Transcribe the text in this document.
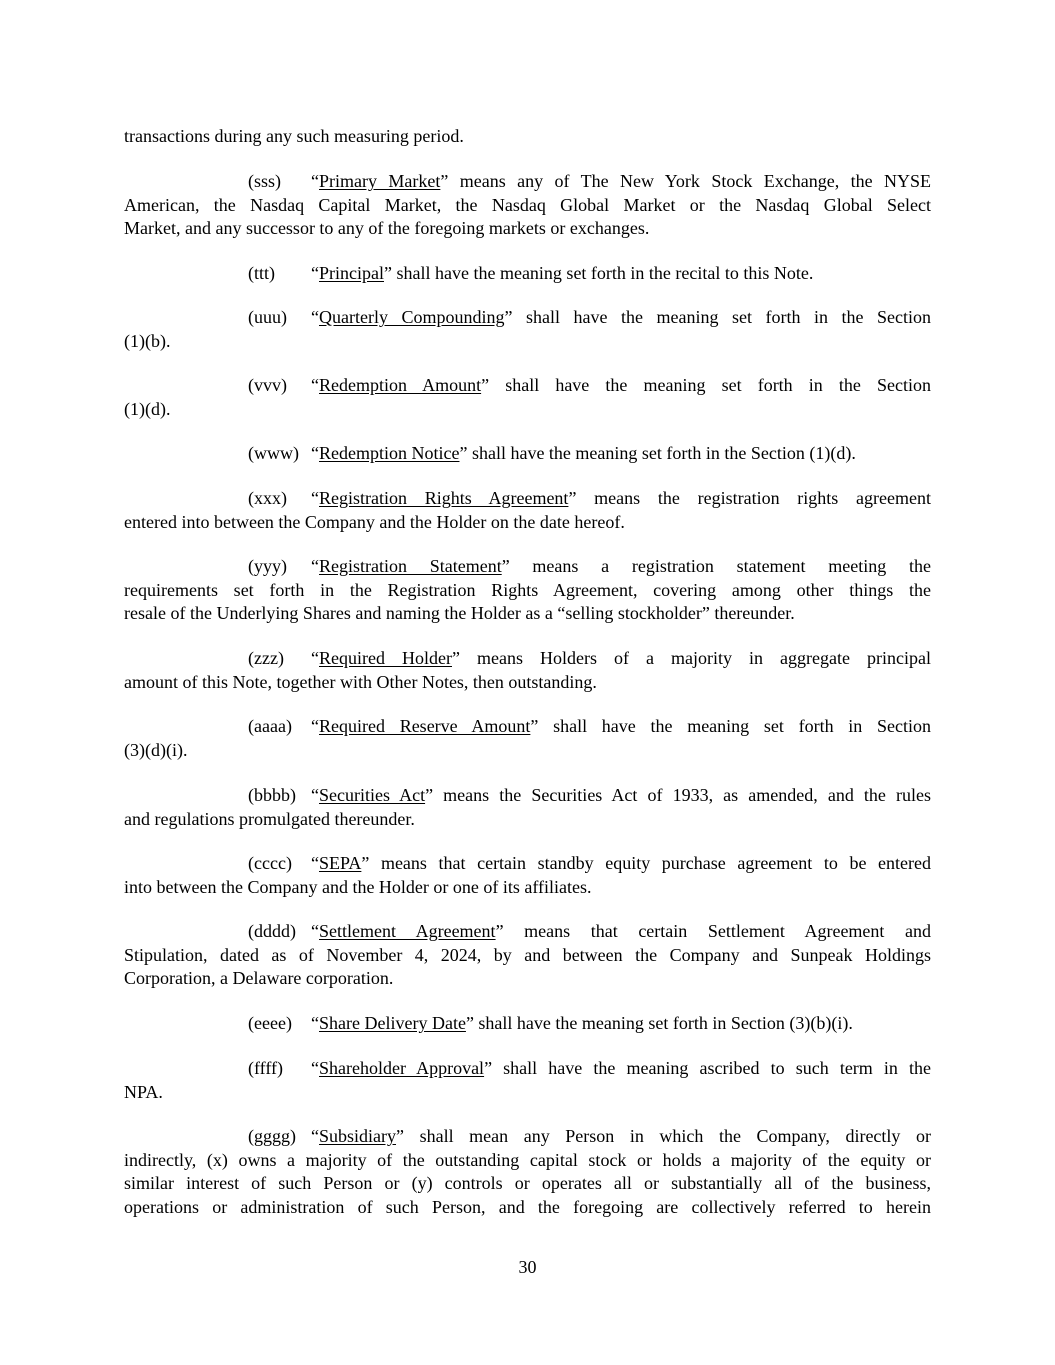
transactions during any such measuring period.
30
(sss) “Primary Market” means any of The New York Stock Exchange, the NYSE
American, the Nasdaq Capital Market, the Nasdaq Global Market or the Nasdaq Global Select
Market, and any successor to any of the foregoing markets or exchanges.
(ttt) “Principal” shall have the meaning set forth in the recital to this Note.
(uuu) “Quarterly Compounding” shall have the meaning set forth in the Section
(1)(b).
(vvv) “Redemption Amount” shall have the meaning set forth in the Section
(1)(d).
(www) “Redemption Notice” shall have the meaning set forth in the Section (1)(d).
(xxx) “Registration Rights Agreement” means the registration rights agreement
entered into between the Company and the Holder on the date hereof.
(yyy) “Registration Statement” means a registration statement meeting the
requirements set forth in the Registration Rights Agreement, covering among other things the
resale of the Underlying Shares and naming the Holder as a “selling stockholder” thereunder.
(zzz) “Required Holder” means Holders of a majority in aggregate principal
amount of this Note, together with Other Notes, then outstanding.
(aaaa) “Required Reserve Amount” shall have the meaning set forth in Section
(3)(d)(i).
(bbbb) “Securities Act” means the Securities Act of 1933, as amended, and the rules
and regulations promulgated thereunder.
(cccc) “SEPA” means that certain standby equity purchase agreement to be entered
into between the Company and the Holder or one of its affiliates.
(dddd) “Settlement Agreement” means that certain Settlement Agreement and
Stipulation, dated as of November 4, 2024, by and between the Company and Sunpeak Holdings
Corporation, a Delaware corporation.
(eeee) “Share Delivery Date” shall have the meaning set forth in Section (3)(b)(i).
(ffff) “Shareholder Approval” shall have the meaning ascribed to such term in the
NPA.
(gggg) “Subsidiary” shall mean any Person in which the Company, directly or
indirectly, (x) owns a majority of the outstanding capital stock or holds a majority of the equity or
similar interest of such Person or (y) controls or operates all or substantially all of the business,
operations or administration of such Person, and the foregoing are collectively referred to herein
